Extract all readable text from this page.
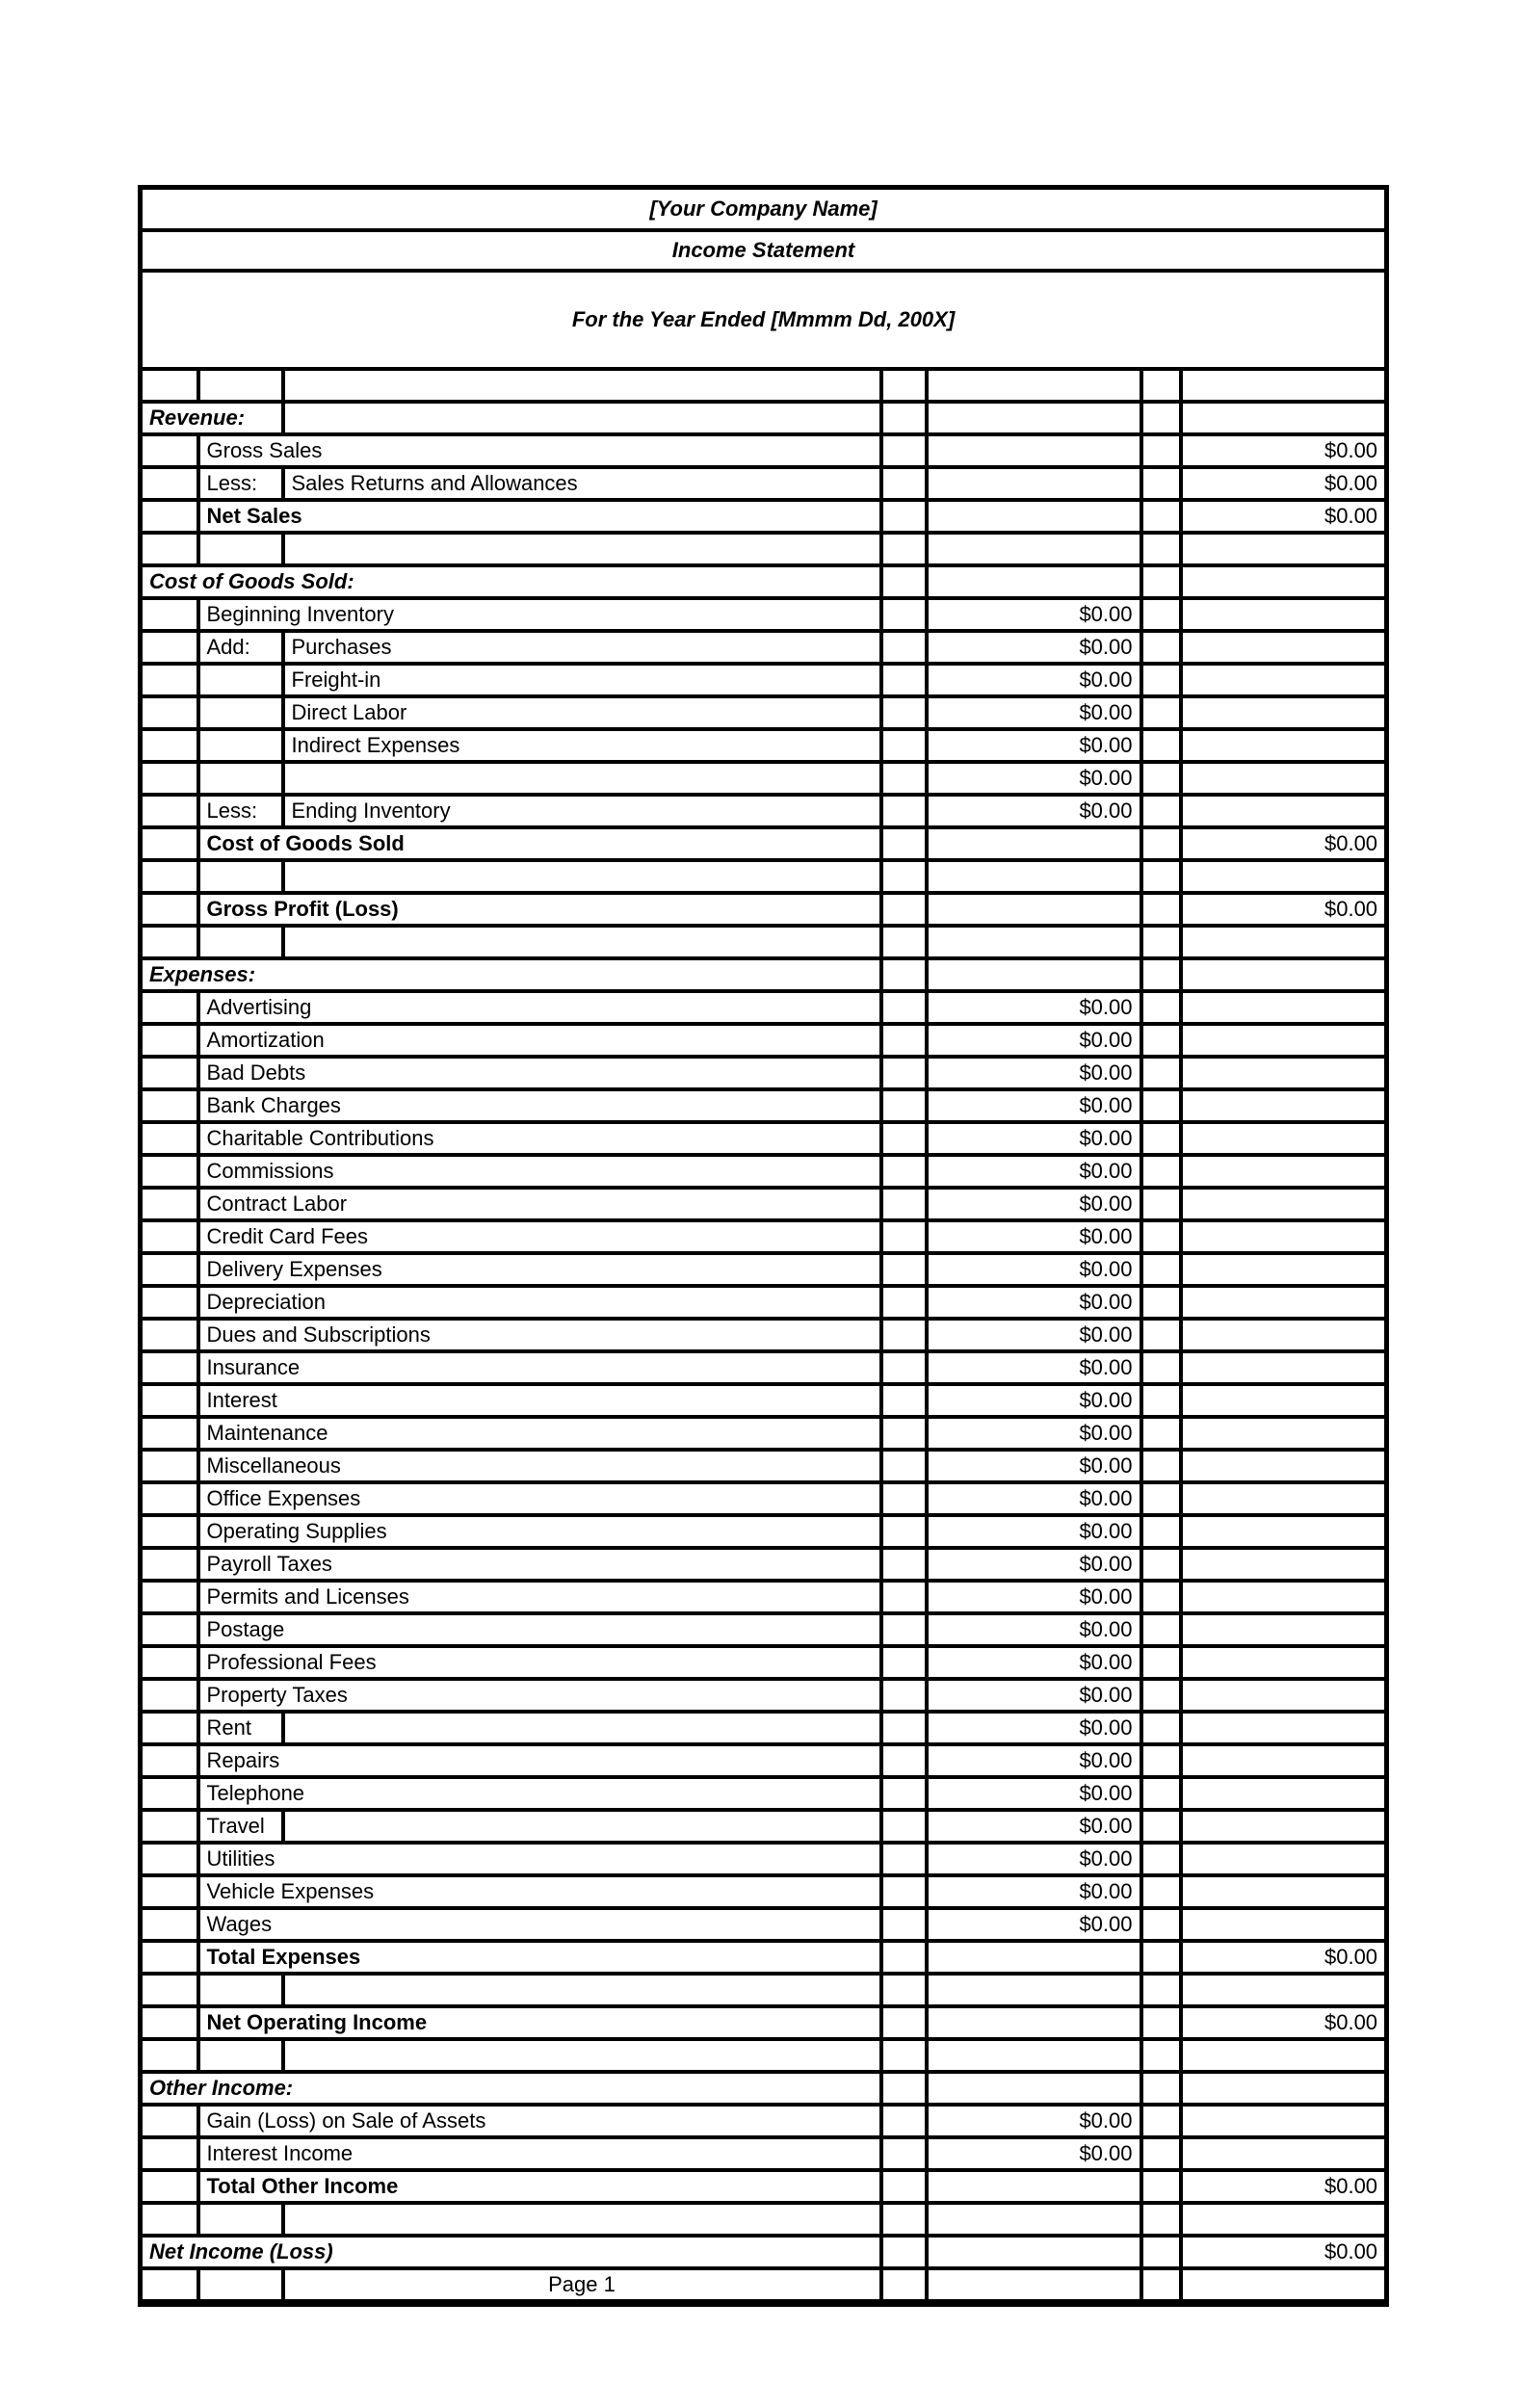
[Your Company Name]						
Income Statement						
For the Year Ended [Mmmm Dd, 200X]						

Revenue:						
	Gross Sales					$0.00
	Less:	Sales Returns and Allowances				$0.00
	Net Sales					$0.00

Cost of Goods Sold:						
	Beginning Inventory			$0.00		
	Add:	Purchases		$0.00		
		Freight-in		$0.00		
		Direct Labor		$0.00		
		Indirect Expenses		$0.00		
				$0.00		
	Less:	Ending Inventory		$0.00		
	Cost of Goods Sold					$0.00

	Gross Profit (Loss)					$0.00

Expenses:						
	Advertising			$0.00		
	Amortization			$0.00		
	Bad Debts			$0.00		
	Bank Charges			$0.00		
	Charitable Contributions			$0.00		
	Commissions			$0.00		
	Contract Labor			$0.00		
	Credit Card Fees			$0.00		
	Delivery Expenses			$0.00		
	Depreciation			$0.00		
	Dues and Subscriptions			$0.00		
	Insurance			$0.00		
	Interest			$0.00		
	Maintenance			$0.00		
	Miscellaneous			$0.00		
	Office Expenses			$0.00		
	Operating Supplies			$0.00		
	Payroll Taxes			$0.00		
	Permits and Licenses			$0.00		
	Postage			$0.00		
	Professional Fees			$0.00		
	Property Taxes			$0.00		
	Rent			$0.00		
	Repairs			$0.00		
	Telephone			$0.00		
	Travel			$0.00		
	Utilities			$0.00		
	Vehicle Expenses			$0.00		
	Wages			$0.00		
	Total Expenses					$0.00

	Net Operating Income					$0.00

Other Income:						
	Gain (Loss) on Sale of Assets			$0.00		
	Interest Income			$0.00		
	Total Other Income					$0.00

Net Income (Loss)						$0.00
		Page 1				
